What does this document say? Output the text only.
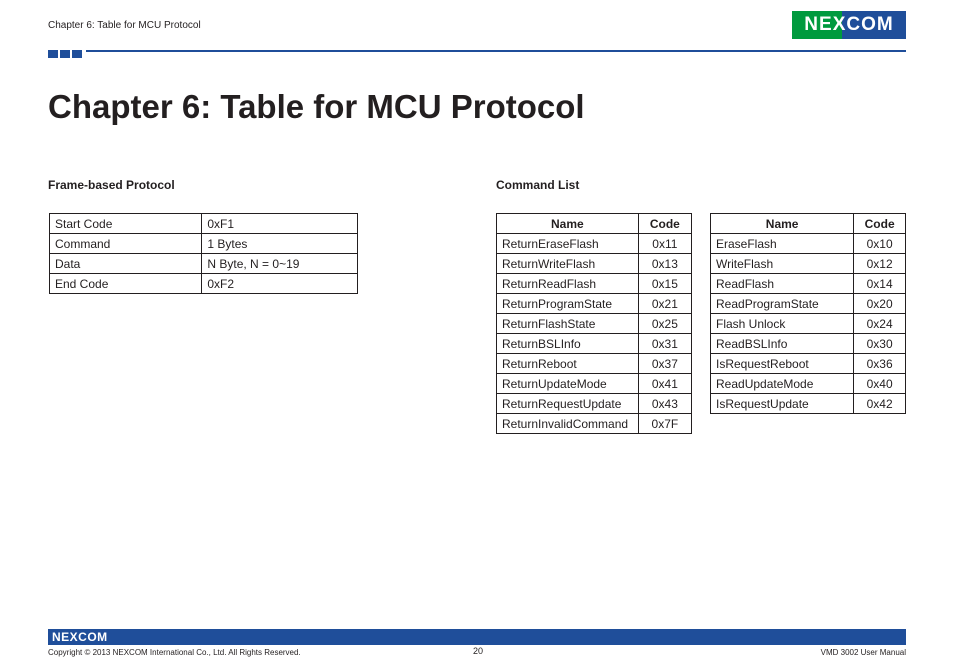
Chapter 6: Table for MCU Protocol	NEXCOM
Chapter 6: Table for MCU Protocol
Frame-based Protocol
Start Code	0xF1
Command	1 Bytes
Data	N Byte, N = 0~19
End Code	0xF2
Command List
Name	Code
ReturnEraseFlash	0x11
ReturnWriteFlash	0x13
ReturnReadFlash	0x15
ReturnProgramState	0x21
ReturnFlashState	0x25
ReturnBSLInfo	0x31
ReturnReboot	0x37
ReturnUpdateMode	0x41
ReturnRequestUpdate	0x43
ReturnInvalidCommand	0x7F
Name	Code
EraseFlash	0x10
WriteFlash	0x12
ReadFlash	0x14
ReadProgramState	0x20
Flash Unlock	0x24
ReadBSLInfo	0x30
IsRequestReboot	0x36
ReadUpdateMode	0x40
IsRequestUpdate	0x42
NEXCOM
Copyright © 2013 NEXCOM International Co., Ltd. All Rights Reserved.	20	VMD 3002 User Manual
